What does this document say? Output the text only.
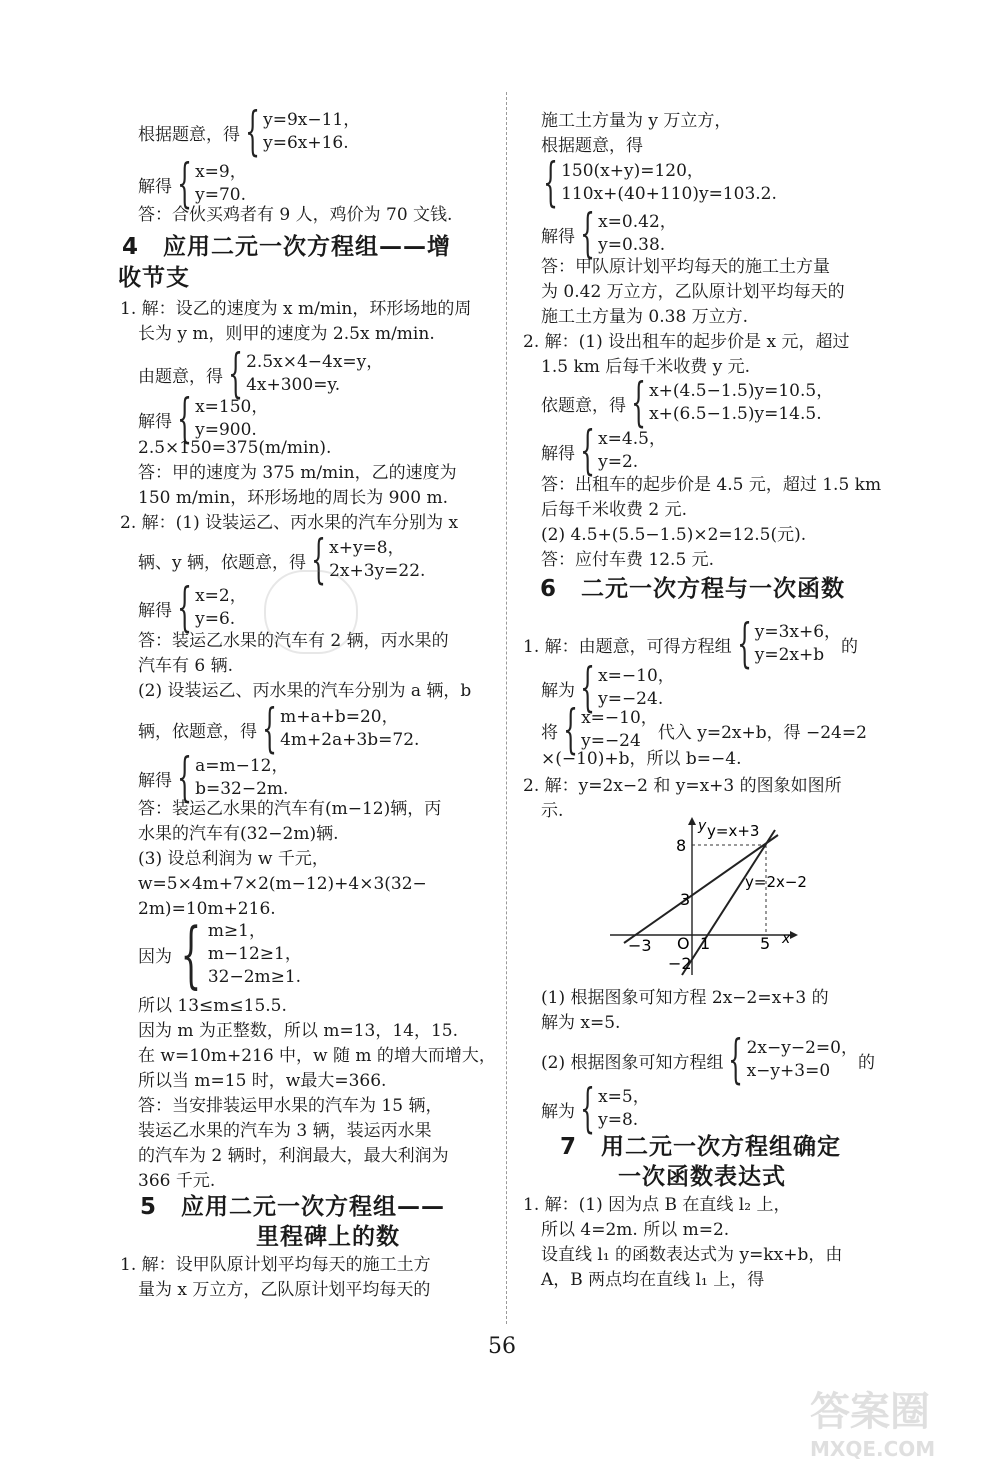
根据题意，得 { y=9x−11，
y=6x+16.
解得 { x=9，
y=70.
答：合伙买鸡者有 9 人，鸡价为 70 文钱.
4　应用二元一次方程组——增
收节支
1. 解：设乙的速度为 x m/min，环形场地的周
长为 y m，则甲的速度为 2.5x m/min.
由题意，得 { 2.5x×4−4x=y，
4x+300=y.
解得 { x=150，
y=900.
2.5×150=375(m/min).
答：甲的速度为 375 m/min，乙的速度为
150 m/min，环形场地的周长为 900 m.
2. 解：(1) 设装运乙、丙水果的汽车分别为 x
辆、y 辆，依题意，得 { x+y=8，
2x+3y=22.
解得 { x=2，
y=6.
答：装运乙水果的汽车有 2 辆，丙水果的
汽车有 6 辆.
(2) 设装运乙、丙水果的汽车分别为 a 辆，b
辆，依题意，得 { m+a+b=20，
4m+2a+3b=72.
解得 { a=m−12，
b=32−2m.
答：装运乙水果的汽车有(m−12)辆，丙
水果的汽车有(32−2m)辆.
(3) 设总利润为 w 千元，
w=5×4m+7×2(m−12)+4×3(32−
2m)=10m+216.
因为 { m≥1，
m−12≥1，
32−2m≥1.
所以 13≤m≤15.5.
因为 m 为正整数，所以 m=13，14，15.
在 w=10m+216 中，w 随 m 的增大而增大，
所以当 m=15 时，w最大=366.
答：当安排装运甲水果的汽车为 15 辆，
装运乙水果的汽车为 3 辆，装运丙水果
的汽车为 2 辆时，利润最大，最大利润为
366 千元.
5　应用二元一次方程组——
里程碑上的数
1. 解：设甲队原计划平均每天的施工土方
量为 x 万立方，乙队原计划平均每天的
施工土方量为 y 万立方，
根据题意，得
{ 150(x+y)=120，
110x+(40+110)y=103.2.
解得 { x=0.42，
y=0.38.
答：甲队原计划平均每天的施工土方量
为 0.42 万立方，乙队原计划平均每天的
施工土方量为 0.38 万立方.
2. 解：(1) 设出租车的起步价是 x 元，超过
1.5 km 后每千米收费 y 元.
依题意，得 { x+(4.5−1.5)y=10.5，
x+(6.5−1.5)y=14.5.
解得 { x=4.5，
y=2.
答：出租车的起步价是 4.5 元，超过 1.5 km
后每千米收费 2 元.
(2) 4.5+(5.5−1.5)×2=12.5(元).
答：应付车费 12.5 元.
6　二元一次方程与一次函数
1. 解：由题意，可得方程组 { y=3x+6，
y=2x+b 的
解为 { x=−10，
y=−24.
将 { x=−10，
y=−24 代入 y=2x+b，得 −24=2
×(−10)+b，所以 b=−4.
2. 解：y=2x−2 和 y=x+3 的图象如图所
示.
y y=x+3
y=2x−2
x
8
3
−3 O 1	5
−2
(1) 根据图象可知方程 2x−2=x+3 的
解为 x=5.
(2) 根据图象可知方程组 { 2x−y−2=0，
x−y+3=0	的
解为 { x=5，
y=8.
7　用二元一次方程组确定
一次函数表达式
1. 解：(1) 因为点 B 在直线 l₂ 上，
所以 4=2m. 所以 m=2.
设直线 l₁ 的函数表达式为 y=kx+b，由
A，B 两点均在直线 l₁ 上，得
56
答案圈
MXQE.COM
